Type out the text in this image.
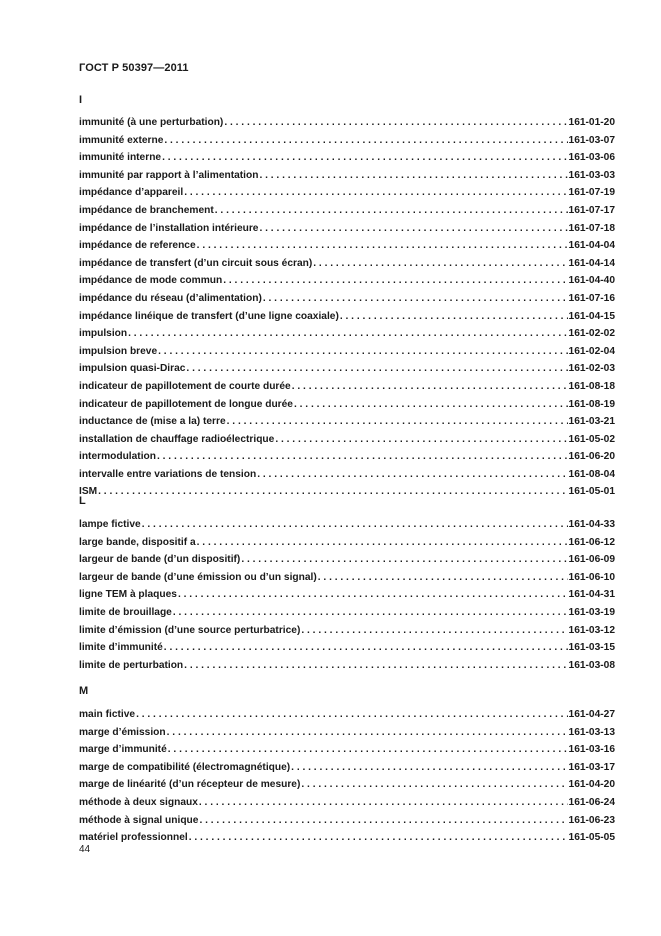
ГОСТ Р 50397—2011
I
immunité (à une perturbation) . . .	161-01-20
immunité externe . . .	161-03-07
immunité interne . . .	161-03-06
immunité par rapport à l’alimentation . . .	161-03-03
impédance d’appareil . . .	161-07-19
impédance de branchement . . .	161-07-17
impédance de l’installation intérieure . . .	161-07-18
impédance de reference . . .	161-04-04
impédance de transfert (d’un circuit sous écran) . . .	161-04-14
impédance de mode commun . . .	161-04-40
impédance du réseau (d’alimentation) . . .	161-07-16
impédance linéique de transfert (d’une ligne coaxiale) . . .	161-04-15
impulsion . . .	161-02-02
impulsion breve . . .	161-02-04
impulsion quasi-Dirac . . .	161-02-03
indicateur de papillotement de courte durée . . .	161-08-18
indicateur de papillotement de longue durée . . .	161-08-19
inductance de (mise a la) terre . . .	161-03-21
installation de chauffage radioélectrique . . .	161-05-02
intermodulation . . .	161-06-20
intervalle entre variations de tension . . .	161-08-04
ISM . . .	161-05-01
L
lampe fictive . . .	161-04-33
large bande, dispositif a . . .	161-06-12
largeur de bande (d’un dispositif) . . .	161-06-09
largeur de bande (d’une émission ou d’un signal) . . .	161-06-10
ligne TEM à plaques . . .	161-04-31
limite de brouillage . . .	161-03-19
limite d’émission (d’une source perturbatrice) . . .	161-03-12
limite d’immunité . . .	161-03-15
limite de perturbation . . .	161-03-08
M
main fictive . . .	161-04-27
marge d’émission . . .	161-03-13
marge d’immunité . . .	161-03-16
marge de compatibilité (électromagnétique) . . .	161-03-17
marge de linéarité (d’un récepteur de mesure) . . .	161-04-20
méthode à deux signaux . . .	161-06-24
méthode à signal unique . . .	161-06-23
matériel professionnel . . .	161-05-05
44
